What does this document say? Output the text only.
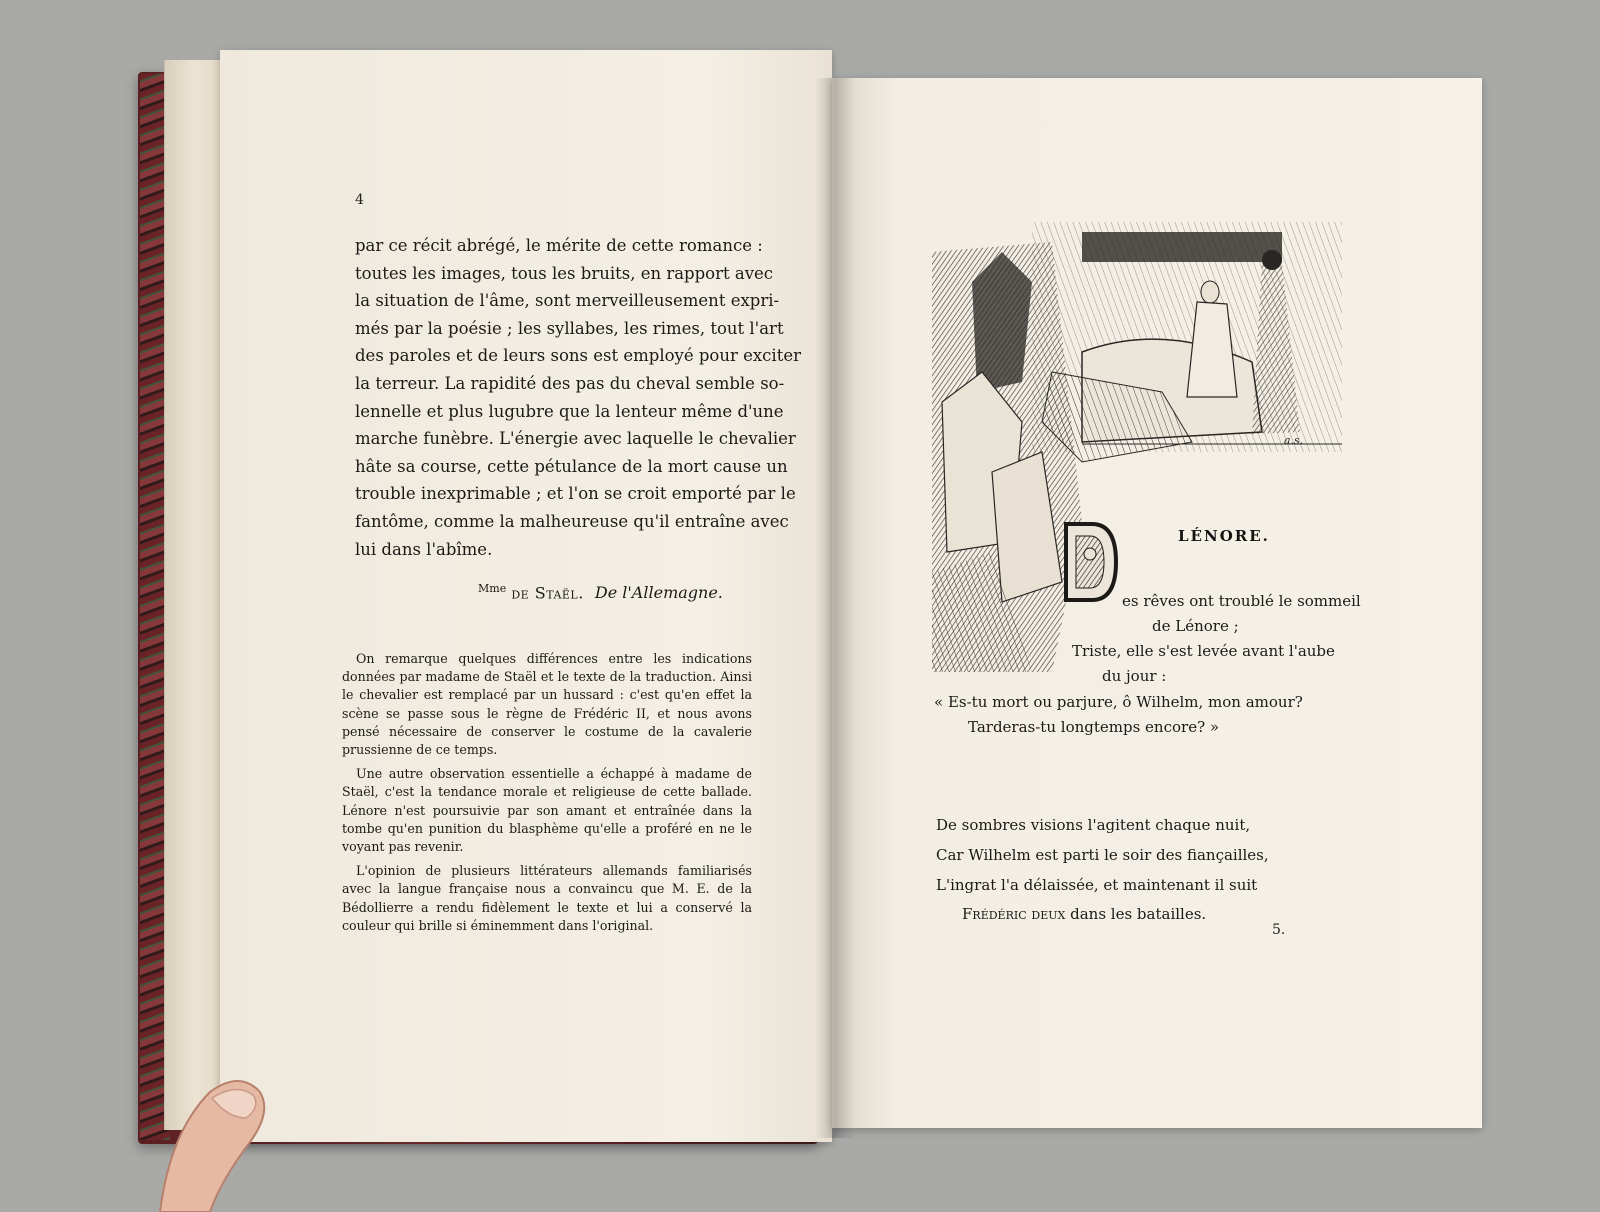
4
par ce récit abrégé, le mérite de cette romance :
toutes les images, tous les bruits, en rapport avec
la situation de l'âme, sont merveilleusement expri-
més par la poésie ; les syllabes, les rimes, tout l'art
des paroles et de leurs sons est employé pour exciter
la terreur. La rapidité des pas du cheval semble so-
lennelle et plus lugubre que la lenteur même d'une
marche funèbre. L'énergie avec laquelle le chevalier
hâte sa course, cette pétulance de la mort cause un
trouble inexprimable ; et l'on se croit emporté par le
fantôme, comme la malheureuse qu'il entraîne avec
lui dans l'abîme.
$^{Mme}$ de Staël. De l'Allemagne.

On remarque quelques différences entre les indications données par madame de Staël et le texte de la traduction. Ainsi le chevalier est remplacé par un hussard : c'est qu'en effet la scène se passe sous le règne de Frédéric II, et nous avons pensé nécessaire de conserver le costume de la cavalerie prussienne de ce temps.

Une autre observation essentielle a échappé à madame de Staël, c'est la tendance morale et religieuse de cette ballade. Lénore n'est poursuivie par son amant et entraînée dans la tombe qu'en punition du blasphème qu'elle a proféré en ne le voyant pas revenir.

L'opinion de plusieurs littérateurs allemands familiarisés avec la langue française nous a convaincu que M. E. de la Bédollierre a rendu fidèlement le texte et lui a conservé la couleur qui brille si éminemment dans l'original.

a.s.
LÉNORE.
es rêves ont troublé le sommeil
de Lénore ;
Triste, elle s'est levée avant l'aube
du jour :
« Es-tu mort ou parjure, ô Wilhelm, mon amour?
Tarderas-tu longtemps encore? »
De sombres visions l'agitent chaque nuit,
Car Wilhelm est parti le soir des fiançailles,
L'ingrat l'a délaissée, et maintenant il suit
Frédéric deux dans les batailles.
5.
